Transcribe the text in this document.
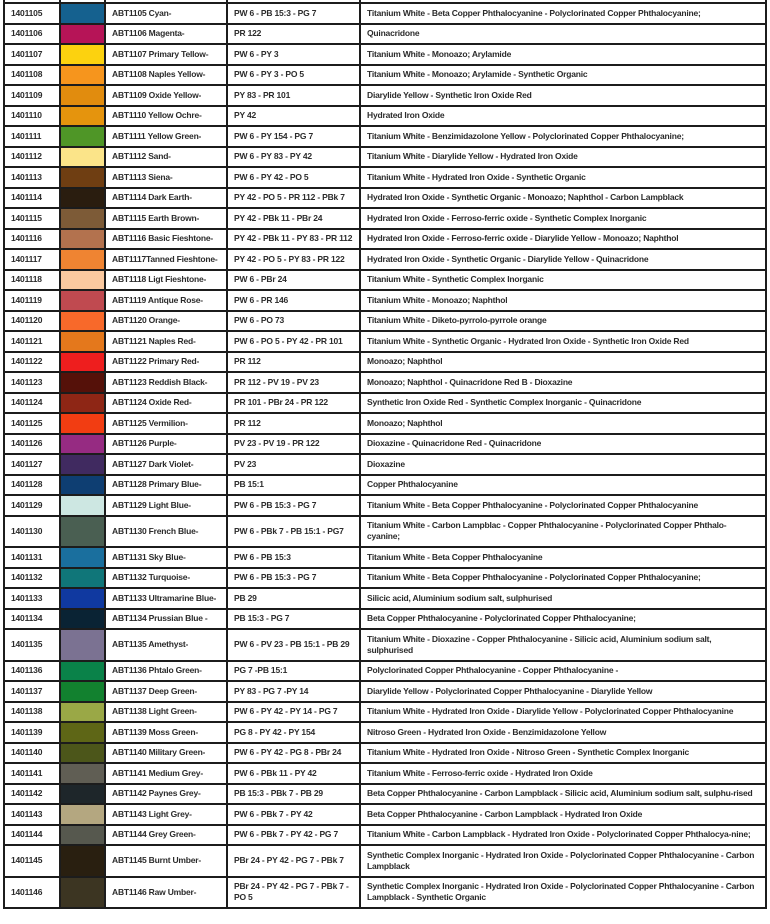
1401105		ABT1105 Cyan-	PW 6 - PB 15:3 - PG 7	Titanium White - Beta Copper Phthalocyanine - Polyclorinated Copper Phthalocyanine;
1401106		ABT1106 Magenta-	PR 122	Quinacridone
1401107		ABT1107 Primary Tellow-	PW 6 - PY 3	Titanium White - Monoazo; Arylamide
1401108		ABT1108 Naples Yellow-	PW 6 - PY 3 - PO 5	Titanium White - Monoazo; Arylamide - Synthetic Organic
1401109		ABT1109 Oxide Yellow-	PY 83 - PR 101	Diarylide Yellow - Synthetic Iron Oxide Red
1401110		ABT1110 Yellow Ochre-	PY 42	Hydrated Iron Oxide
1401111		ABT1111 Yellow Green-	PW 6 - PY 154 - PG 7	Titanium White - Benzimidazolone Yellow - Polyclorinated Copper Phthalocyanine;
1401112		ABT1112 Sand-	PW 6 - PY 83 - PY 42	Titanium White - Diarylide Yellow - Hydrated Iron Oxide
1401113		ABT1113 Siena-	PW 6 - PY 42 - PO 5	Titanium White - Hydrated Iron Oxide - Synthetic Organic
1401114		ABT1114 Dark Earth-	PY 42 - PO 5 - PR 112 - PBk 7	Hydrated Iron Oxide - Synthetic Organic - Monoazo; Naphthol - Carbon Lampblack
1401115		ABT1115 Earth Brown-	PY 42 - PBk 11 - PBr 24	Hydrated Iron Oxide - Ferroso-ferric oxide - Synthetic Complex Inorganic
1401116		ABT1116 Basic Fieshtone-	PY 42 - PBk 11 - PY 83 - PR 112	Hydrated Iron Oxide - Ferroso-ferric oxide - Diarylide Yellow - Monoazo; Naphthol
1401117		ABT1117Tanned Fieshtone-	PY 42 - PO 5 - PY 83 - PR 122	Hydrated Iron Oxide - Synthetic Organic - Diarylide Yellow - Quinacridone
1401118		ABT1118 Ligt Fieshtone-	PW 6 - PBr 24	Titanium White - Synthetic Complex Inorganic
1401119		ABT1119 Antique Rose-	PW 6 - PR 146	Titanium White - Monoazo; Naphthol
1401120		ABT1120 Orange-	PW 6 - PO 73	Titanium White - Diketo-pyrrolo-pyrrole orange
1401121		ABT1121 Naples Red-	PW 6 - PO 5 - PY 42 - PR 101	Titanium White - Synthetic Organic - Hydrated Iron Oxide - Synthetic Iron Oxide Red
1401122		ABT1122 Primary Red-	PR 112	Monoazo; Naphthol
1401123		ABT1123 Reddish Black-	PR 112 - PV 19 - PV 23	Monoazo; Naphthol - Quinacridone Red B - Dioxazine
1401124		ABT1124 Oxide Red-	PR 101 - PBr 24 - PR 122	Synthetic Iron Oxide Red - Synthetic Complex Inorganic - Quinacridone
1401125		ABT1125 Vermilion-	PR 112	Monoazo; Naphthol
1401126		ABT1126 Purple-	PV 23 - PV 19 - PR 122	Dioxazine - Quinacridone Red - Quinacridone
1401127		ABT1127 Dark Violet-	PV 23	Dioxazine
1401128		ABT1128 Primary Blue-	PB 15:1	Copper Phthalocyanine
1401129		ABT1129 Light Blue-	PW 6 - PB 15:3 - PG 7	Titanium White - Beta Copper Phthalocyanine - Polyclorinated Copper Phthalocyanine
1401130		ABT1130 French Blue-	PW 6 - PBk 7 - PB 15:1 - PG7	Titanium White - Carbon Lampblac - Copper Phthalocyanine - Polyclorinated Copper Phthalo-cyanine;
1401131		ABT1131 Sky Blue-	PW 6 - PB 15:3	Titanium White - Beta Copper Phthalocyanine
1401132		ABT1132 Turquoise-	PW 6 - PB 15:3 - PG 7	Titanium White - Beta Copper Phthalocyanine - Polyclorinated Copper Phthalocyanine;
1401133		ABT1133 Ultramarine Blue-	PB 29	Silicic acid, Aluminium sodium salt, sulphurised
1401134		ABT1134 Prussian Blue -	PB 15:3 - PG 7	Beta Copper Phthalocyanine - Polyclorinated Copper Phthalocyanine;
1401135		ABT1135 Amethyst-	PW 6 - PV 23 - PB 15:1 - PB 29	Titanium White - Dioxazine - Copper Phthalocyanine - Silicic acid, Aluminium sodium salt, sulphurised
1401136		ABT1136 Phtalo Green-	PG 7 -PB 15:1	Polyclorinated Copper Phthalocyanine - Copper Phthalocyanine -
1401137		ABT1137 Deep Green-	PY 83 - PG 7 -PY 14	Diarylide Yellow - Polyclorinated Copper Phthalocyanine - Diarylide Yellow
1401138		ABT1138 Light Green-	PW 6 - PY 42 - PY 14 - PG 7	Titanium White - Hydrated Iron Oxide - Diarylide Yellow - Polyclorinated Copper Phthalocyanine
1401139		ABT1139 Moss Green-	PG 8 - PY 42 - PY 154	Nitroso Green - Hydrated Iron Oxide - Benzimidazolone Yellow
1401140		ABT1140 Military Green-	PW 6 - PY 42 - PG 8 - PBr 24	Titanium White - Hydrated Iron Oxide - Nitroso Green - Synthetic Complex Inorganic
1401141		ABT1141 Medium Grey-	PW 6 - PBk 11 - PY 42	Titanium White - Ferroso-ferric oxide - Hydrated Iron Oxide
1401142		ABT1142 Paynes Grey-	PB 15:3 - PBk 7 - PB 29	Beta Copper Phthalocyanine - Carbon Lampblack - Silicic acid, Aluminium sodium salt, sulphu-rised
1401143		ABT1143 Light Grey-	PW 6 - PBk 7 - PY 42	Beta Copper Phthalocyanine - Carbon Lampblack - Hydrated Iron Oxide
1401144		ABT1144 Grey Green-	PW 6 - PBk 7 - PY 42 - PG 7	Titanium White - Carbon Lampblack - Hydrated Iron Oxide - Polyclorinated Copper Phthalocya-nine;
1401145		ABT1145 Burnt Umber-	PBr 24 - PY 42 - PG 7 - PBk 7	Synthetic Complex Inorganic - Hydrated Iron Oxide - Polyclorinated Copper Phthalocyanine - Carbon Lampblack
1401146		ABT1146 Raw Umber-	PBr 24 - PY 42 - PG 7 - PBk 7 - PO 5	Synthetic Complex Inorganic - Hydrated Iron Oxide - Polyclorinated Copper Phthalocyanine - Carbon Lampblack - Synthetic Organic
